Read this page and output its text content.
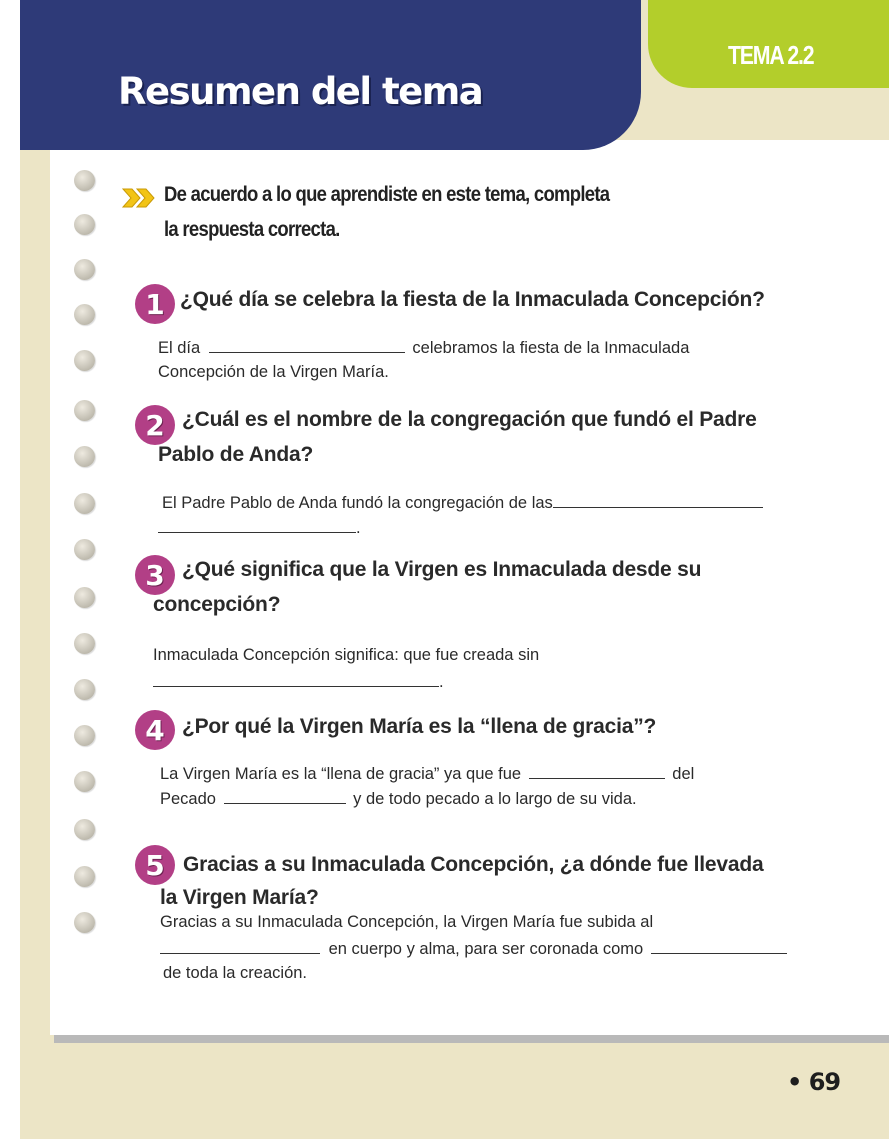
Resumen del tema
TEMA 2.2
De acuerdo a lo que aprendiste en este tema, completa
la respuesta correcta.
1 ¿Qué día se celebra la fiesta de la Inmaculada Concepción?
El día	celebramos la fiesta de la Inmaculada
Concepción de la Virgen María.
2 ¿Cuál es el nombre de la congregación que fundó el Padre
Pablo de Anda?
El Padre Pablo de Anda fundó la congregación de las
.
3 ¿Qué significa que la Virgen es Inmaculada desde su
concepción?
Inmaculada Concepción significa: que fue creada sin
.
4 ¿Por qué la Virgen María es la “llena de gracia”?
La Virgen María es la “llena de gracia” ya que fue	del
Pecado	y de todo pecado a lo largo de su vida.
5 Gracias a su Inmaculada Concepción, ¿a dónde fue llevada
la Virgen María?
Gracias a su Inmaculada Concepción, la Virgen María fue subida al
en cuerpo y alma, para ser coronada como
de toda la creación.
• 69
